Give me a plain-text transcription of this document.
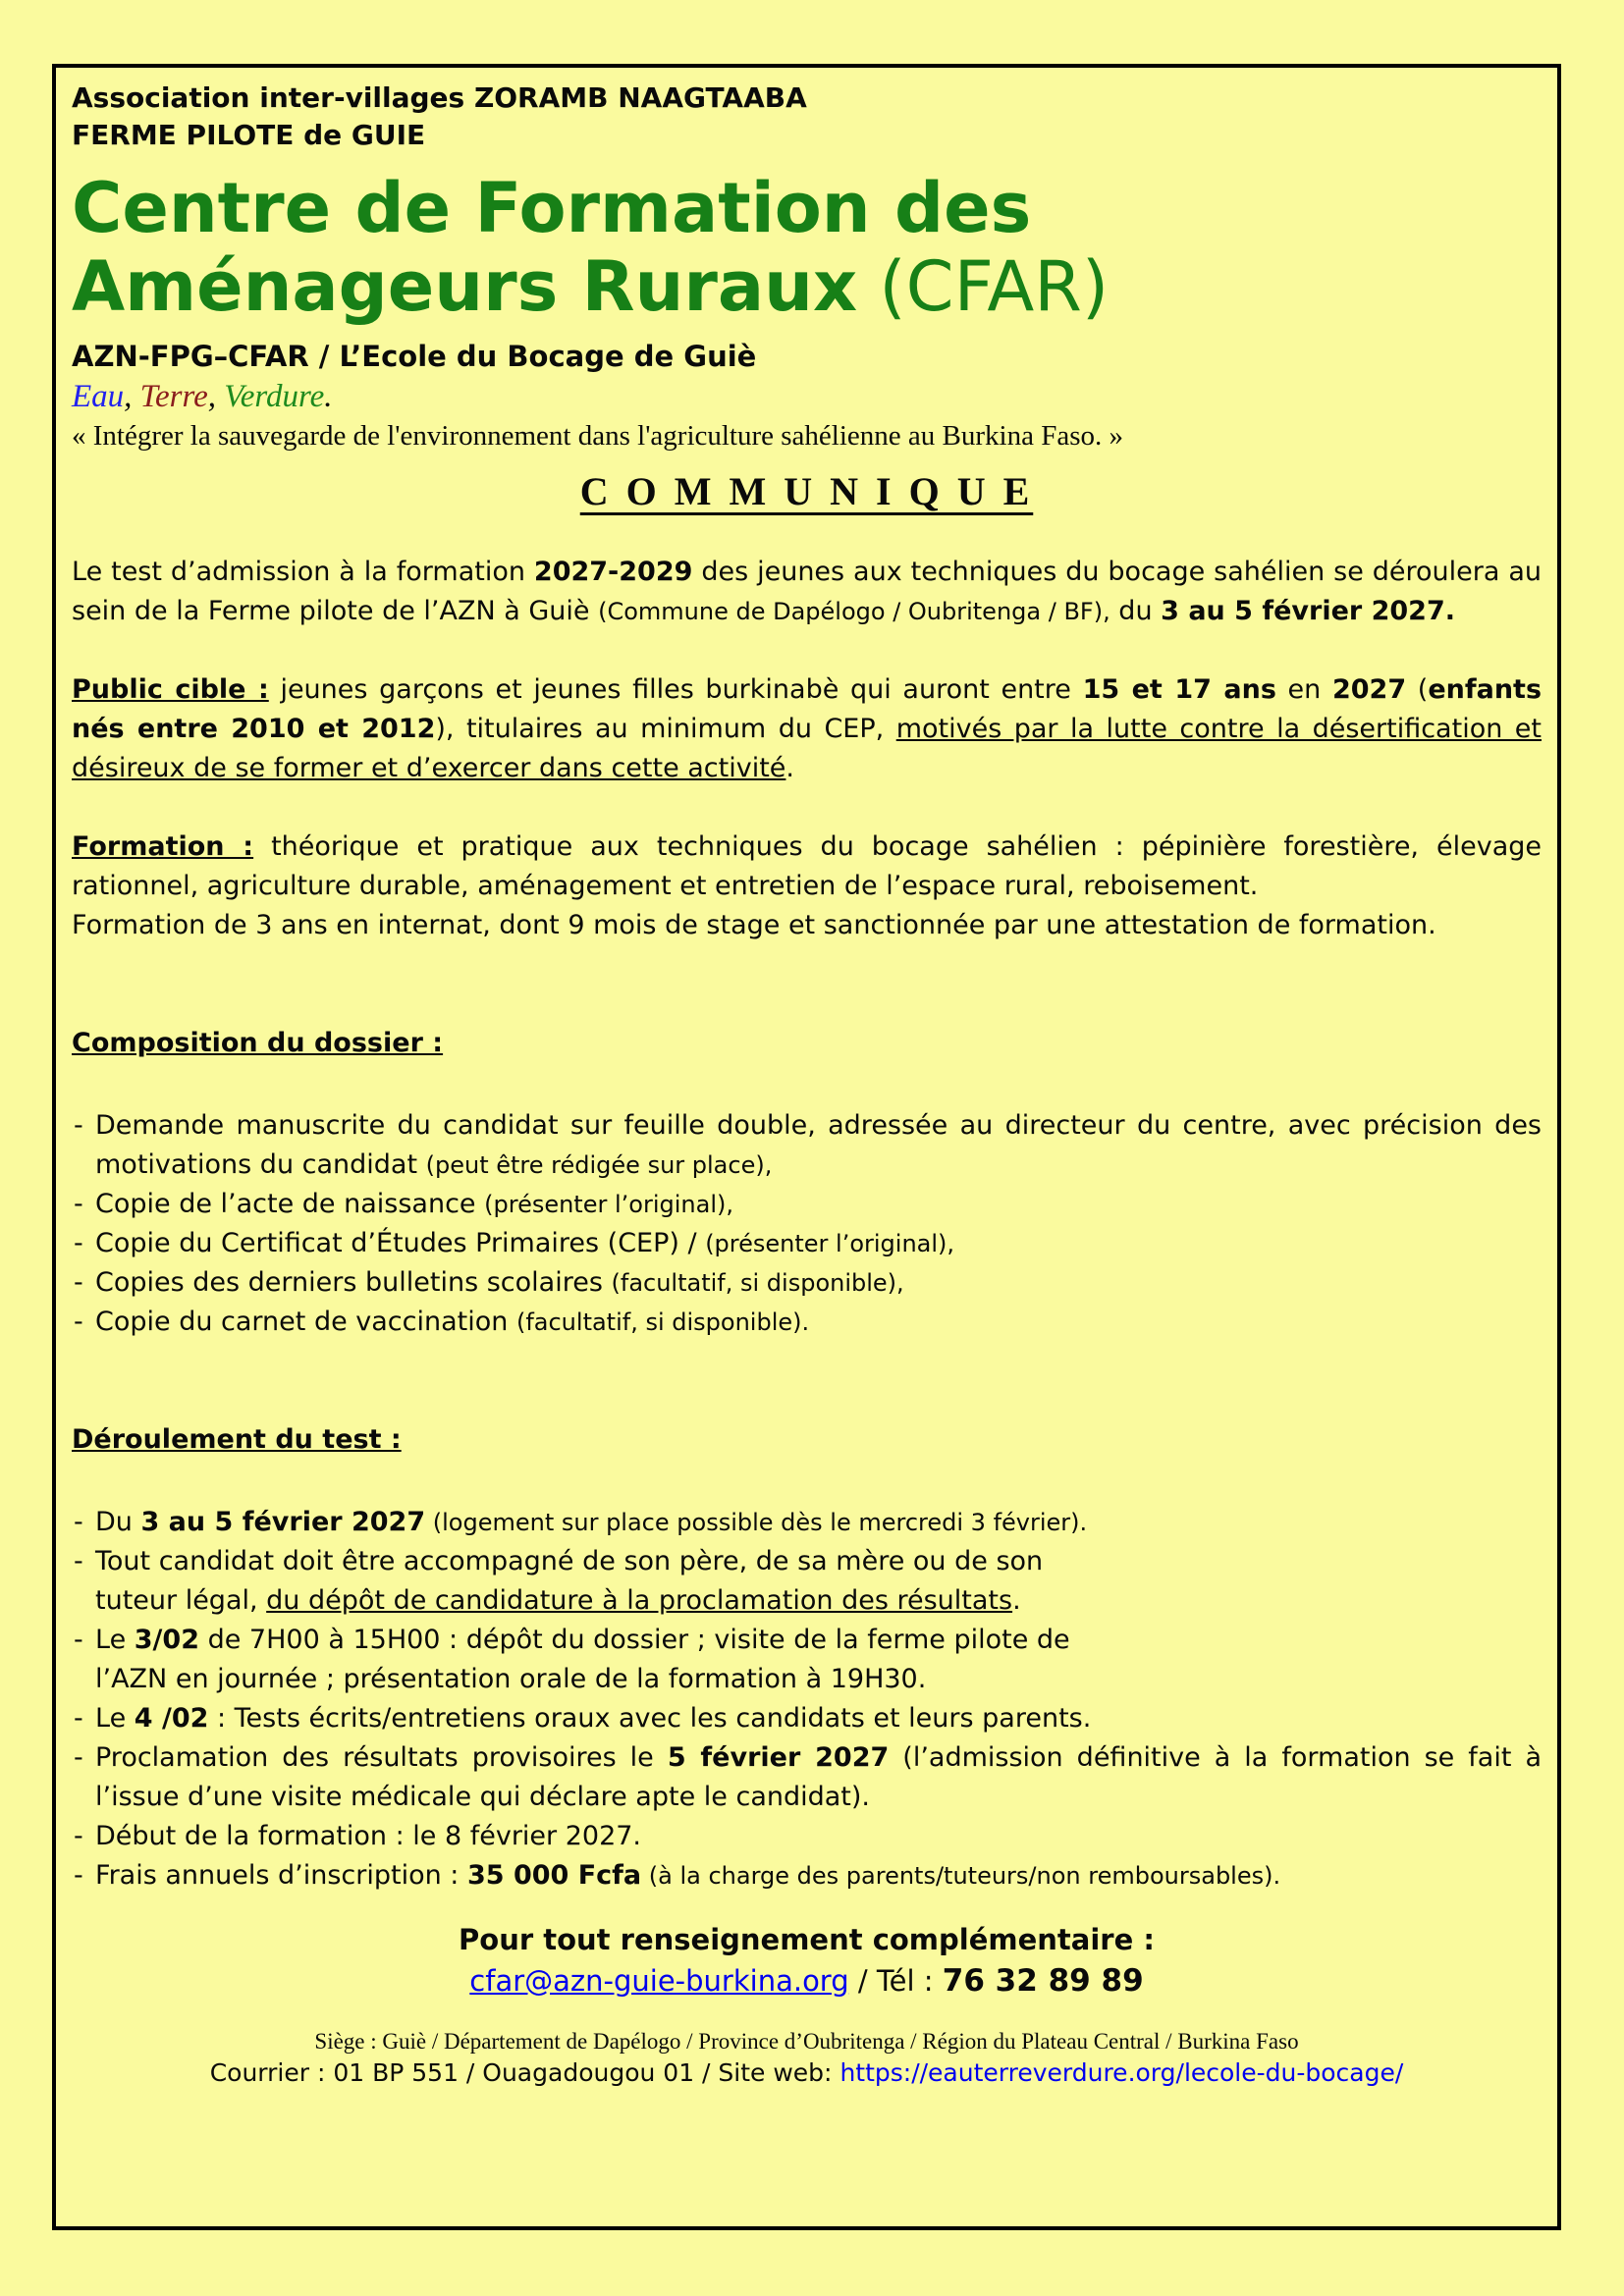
Association inter-villages ZORAMB NAAGTAABA
FERME PILOTE de GUIE
Centre de Formation des
Aménageurs Ruraux (CFAR)
AZN-FPG–CFAR / L’Ecole du Bocage de Guiè
Eau, Terre, Verdure.
« Intégrer la sauvegarde de l'environnement dans l'agriculture sahélienne au Burkina Faso. »
C O M M U N I Q U E
Le test d’admission à la formation 2027-2029 des jeunes aux techniques du bocage sahélien se déroulera au sein de la Ferme pilote de l’AZN à Guiè (Commune de Dapélogo / Oubritenga / BF), du 3 au 5 février 2027.
Public cible : jeunes garçons et jeunes filles burkinabè qui auront entre 15 et 17 ans en 2027 (enfants nés entre 2010 et 2012), titulaires au minimum du CEP, motivés par la lutte contre la désertification et désireux de se former et d’exercer dans cette activité.
Formation : théorique et pratique aux techniques du bocage sahélien : pépinière forestière, élevage rationnel, agriculture durable, aménagement et entretien de l’espace rural, reboisement.
Formation de 3 ans en internat, dont 9 mois de stage et sanctionnée par une attestation de formation.
Composition du dossier :
- Demande manuscrite du candidat sur feuille double, adressée au directeur du centre, avec précision des motivations du candidat (peut être rédigée sur place),
- Copie de l’acte de naissance (présenter l’original),
- Copie du Certificat d’Études Primaires (CEP) / (présenter l’original),
- Copies des derniers bulletins scolaires (facultatif, si disponible),
- Copie du carnet de vaccination (facultatif, si disponible).
Déroulement du test :
- Du 3 au 5 février 2027 (logement sur place possible dès le mercredi 3 février).
- Tout candidat doit être accompagné de son père, de sa mère ou de son
tuteur légal, du dépôt de candidature à la proclamation des résultats.
- Le 3/02 de 7H00 à 15H00 : dépôt du dossier ; visite de la ferme pilote de
l’AZN en journée ; présentation orale de la formation à 19H30.
- Le 4 /02 : Tests écrits/entretiens oraux avec les candidats et leurs parents.
- Proclamation des résultats provisoires le 5 février 2027 (l’admission définitive à la formation se fait à l’issue d’une visite médicale qui déclare apte le candidat).
- Début de la formation : le 8 février 2027.
- Frais annuels d’inscription : 35 000 Fcfa (à la charge des parents/tuteurs/non remboursables).
Pour tout renseignement complémentaire :
cfar@azn-guie-burkina.org / Tél : 76 32 89 89
Siège : Guiè / Département de Dapélogo / Province d’Oubritenga / Région du Plateau Central / Burkina Faso
Courrier : 01 BP 551 / Ouagadougou 01 / Site web: https://eauterreverdure.org/lecole-du-bocage/
